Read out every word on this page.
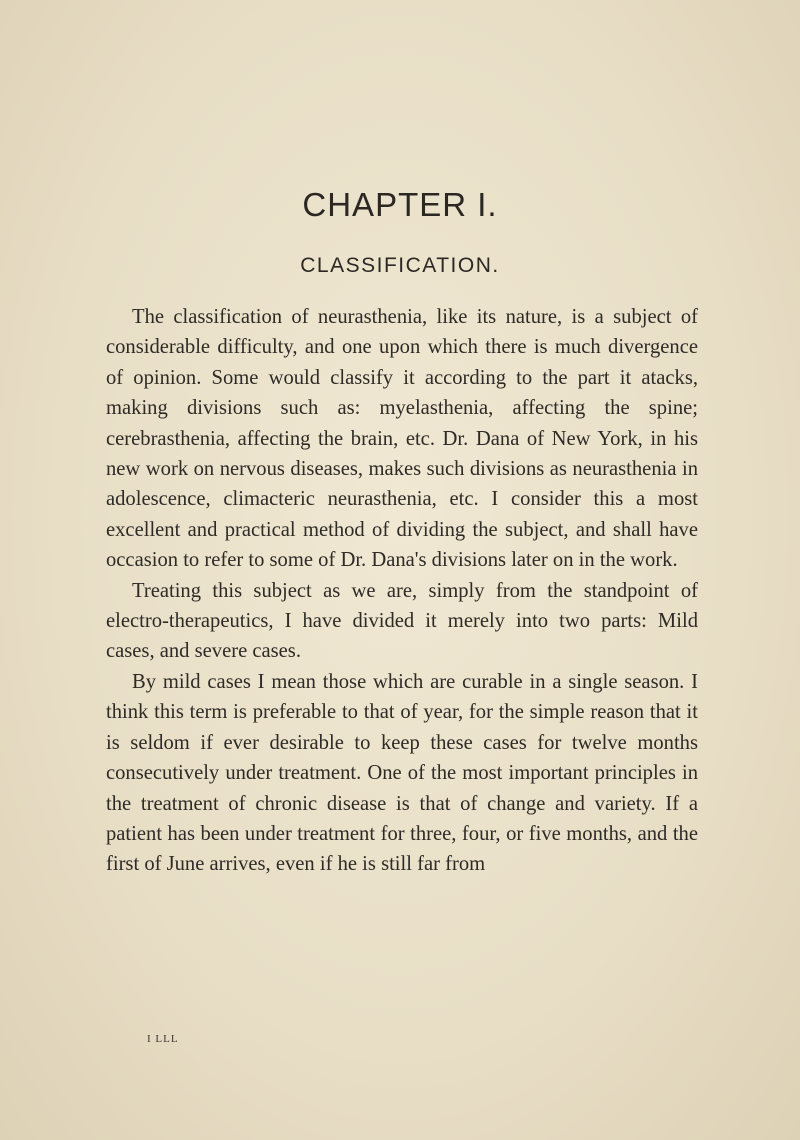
CHAPTER I.
CLASSIFICATION.

The classification of neurasthenia, like its nature, is a subject of considerable difficulty, and one upon which there is much divergence of opinion. Some would classify it according to the part it atacks, making divisions such as: myelasthenia, affecting the spine; cerebrasthenia, affecting the brain, etc. Dr. Dana of New York, in his new work on nervous diseases, makes such divisions as neurasthenia in adolescence, climacteric neurasthenia, etc. I consider this a most excellent and practical method of dividing the subject, and shall have occasion to refer to some of Dr. Dana's divisions later on in the work.

Treating this subject as we are, simply from the standpoint of electro-therapeutics, I have divided it merely into two parts: Mild cases, and severe cases.

By mild cases I mean those which are curable in a single season. I think this term is preferable to that of year, for the simple reason that it is seldom if ever desirable to keep these cases for twelve months consecutively under treatment. One of the most important principles in the treatment of chronic disease is that of change and variety. If a patient has been under treatment for three, four, or five months, and the first of June arrives, even if he is still far from

I LLL
